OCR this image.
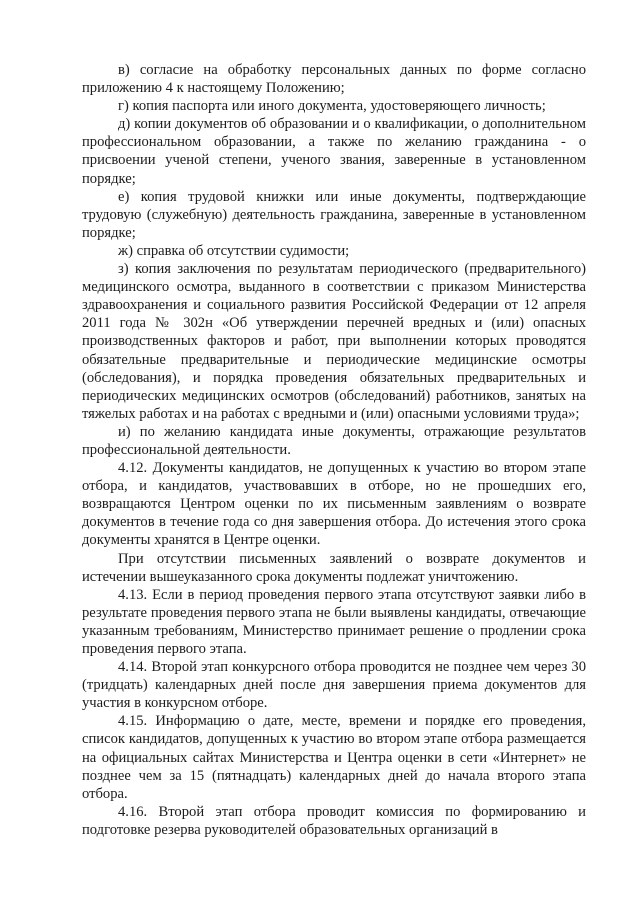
в) согласие на обработку персональных данных по форме согласно приложению 4 к настоящему Положению;

г) копия паспорта или иного документа, удостоверяющего личность;

д) копии документов об образовании и о квалификации, о дополнительном профессиональном образовании, а также по желанию гражданина - о присвоении ученой степени, ученого звания, заверенные в установленном порядке;

е) копия трудовой книжки или иные документы, подтверждающие трудовую (служебную) деятельность гражданина, заверенные в установленном порядке;

ж) справка об отсутствии судимости;

з) копия заключения по результатам периодического (предварительного) медицинского осмотра, выданного в соответствии с приказом Министерства здравоохранения и социального развития Российской Федерации от 12 апреля 2011 года № 302н «Об утверждении перечней вредных и (или) опасных производственных факторов и работ, при выполнении которых проводятся обязательные предварительные и периодические медицинские осмотры (обследования), и порядка проведения обязательных предварительных и периодических медицинских осмотров (обследований) работников, занятых на тяжелых работах и на работах с вредными и (или) опасными условиями труда»;

и) по желанию кандидата иные документы, отражающие результатов профессиональной деятельности.

4.12. Документы кандидатов, не допущенных к участию во втором этапе отбора, и кандидатов, участвовавших в отборе, но не прошедших его, возвращаются Центром оценки по их письменным заявлениям о возврате документов в течение года со дня завершения отбора. До истечения этого срока документы хранятся в Центре оценки.

При отсутствии письменных заявлений о возврате документов и истечении вышеуказанного срока документы подлежат уничтожению.

4.13. Если в период проведения первого этапа отсутствуют заявки либо в результате проведения первого этапа не были выявлены кандидаты, отвечающие указанным требованиям, Министерство принимает решение о продлении срока проведения первого этапа.

4.14. Второй этап конкурсного отбора проводится не позднее чем через 30 (тридцать) календарных дней после дня завершения приема документов для участия в конкурсном отборе.

4.15. Информацию о дате, месте, времени и порядке его проведения, список кандидатов, допущенных к участию во втором этапе отбора размещается на официальных сайтах Министерства и Центра оценки в сети «Интернет» не позднее чем за 15 (пятнадцать) календарных дней до начала второго этапа отбора.

4.16. Второй этап отбора проводит комиссия по формированию и подготовке резерва руководителей образовательных организаций в
